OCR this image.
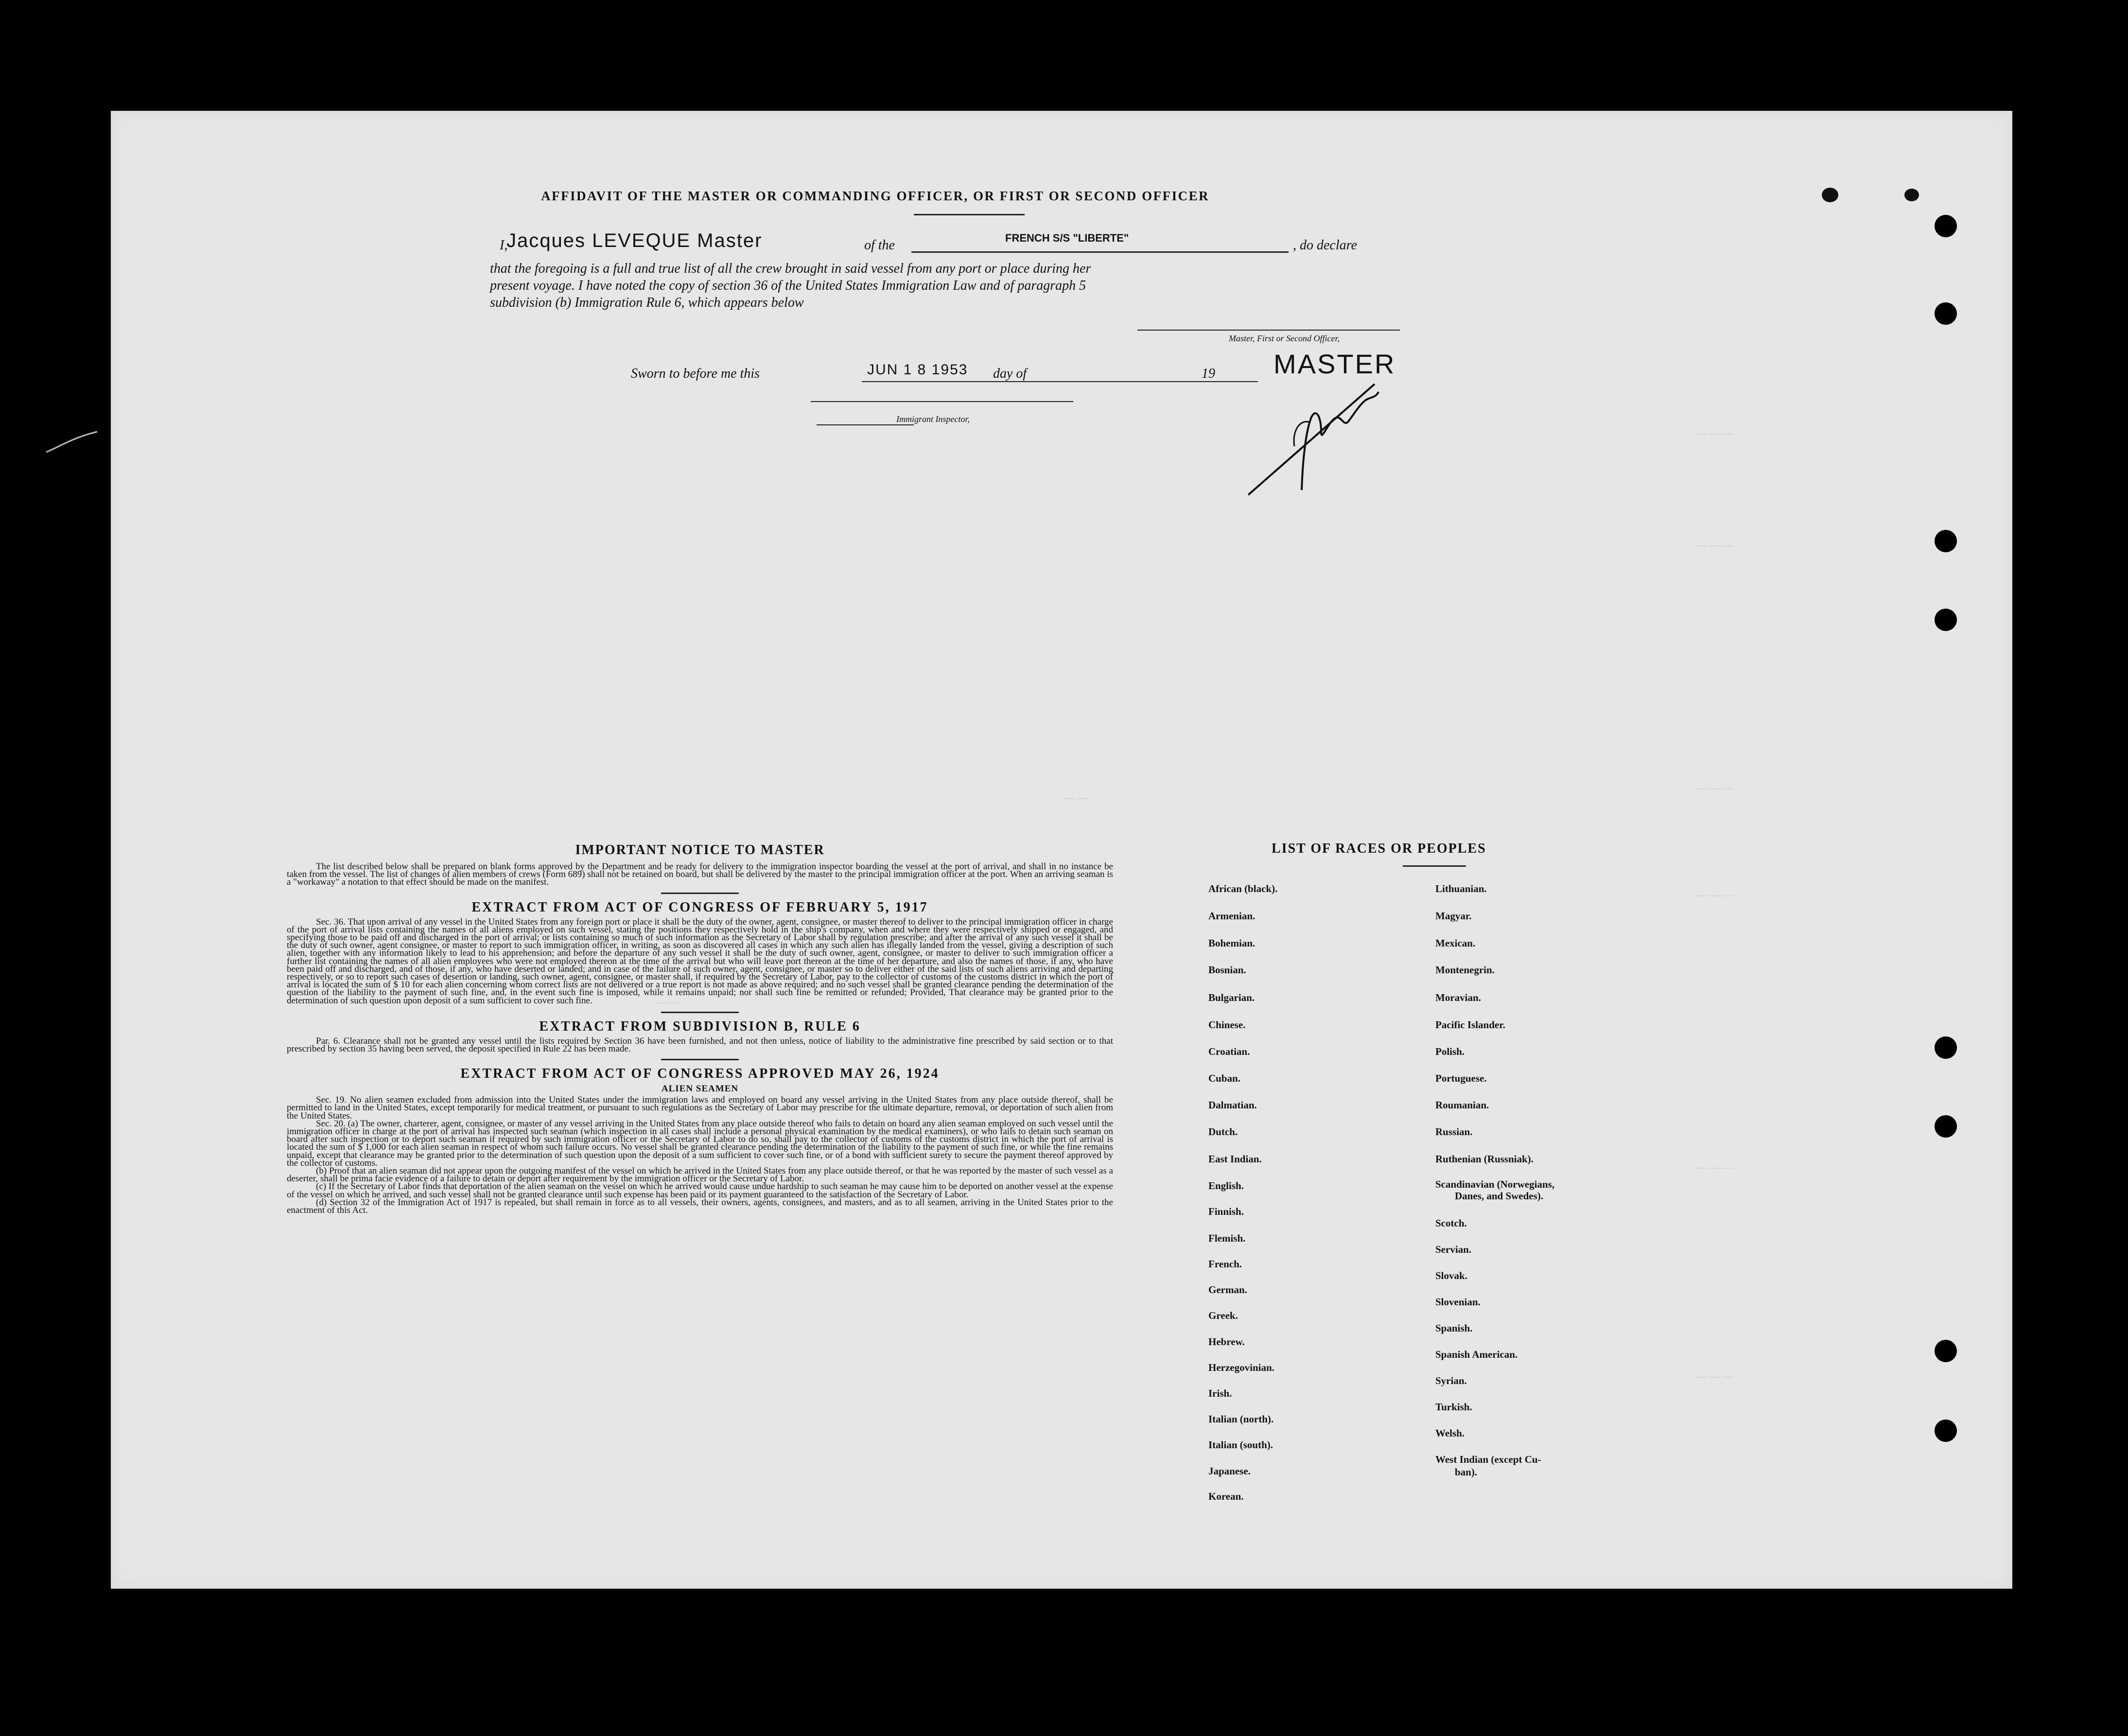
— — —
— — —
— — —
— — —
— — —
— — —
— —
— —
AFFIDAVIT OF THE MASTER OR COMMANDING OFFICER, OR FIRST OR SECOND OFFICER
I,
Jacques LEVEQUE Master	of the	FRENCH S/S "LIBERTE"	, do declare
that the foregoing is a full and true list of all the crew brought in said vessel from any port or place during her
present voyage. I have noted the copy of section 36 of the United States Immigration Law and of paragraph 5
subdivision (b) Immigration Rule 6, which appears below
Master, First or Second Officer,
Sworn to before me this	JUN 1 8 1953 day of	19 MASTER
Immigrant Inspector,
IMPORTANT NOTICE TO MASTER

The list described below shall be prepared on blank forms approved by the Department and be ready for delivery to the immigration inspector boarding the vessel at the port of arrival, and shall in no instance be taken from the vessel. The list of changes of alien members of crews (Form 689) shall not be retained on board, but shall be delivered by the master to the principal immigration officer at the port. When an arriving seaman is a "workaway" a notation to that effect should be made on the manifest.

EXTRACT FROM ACT OF CONGRESS OF FEBRUARY 5, 1917

Sec. 36. That upon arrival of any vessel in the United States from any foreign port or place it shall be the duty of the owner, agent, consignee, or master thereof to deliver to the principal immigration officer in charge of the port of arrival lists containing the names of all aliens employed on such vessel, stating the positions they respectively hold in the ship's company, when and where they were respectively shipped or engaged, and specifying those to be paid off and discharged in the port of arrival; or lists containing so much of such information as the Secretary of Labor shall by regulation prescribe; and after the arrival of any such vessel it shall be the duty of such owner, agent consignee, or master to report to such immigration officer, in writing, as soon as discovered all cases in which any such alien has illegally landed from the vessel, giving a description of such alien, together with any information likely to lead to his apprehension; and before the departure of any such vessel it shall be the duty of such owner, agent, consignee, or master to deliver to such immigration officer a further list containing the names of all alien employees who were not employed thereon at the time of the arrival but who will leave port thereon at the time of her departure, and also the names of those, if any, who have been paid off and discharged, and of those, if any, who have deserted or landed; and in case of the failure of such owner, agent, consignee, or master so to deliver either of the said lists of such aliens arriving and departing respectively, or so to report such cases of desertion or landing, such owner, agent, consignee, or master shall, if required by the Secretary of Labor, pay to the collector of customs of the customs district in which the port of arrival is located the sum of $ 10 for each alien concerning whom correct lists are not delivered or a true report is not made as above required; and no such vessel shall be granted clearance pending the determination of the question of the liability to the payment of such fine, and, in the event such fine is imposed, while it remains unpaid; nor shall such fine be remitted or refunded; Provided, That clearance may be granted prior to the determination of such question upon deposit of a sum sufficient to cover such fine.

EXTRACT FROM SUBDIVISION B, RULE 6

Par. 6. Clearance shall not be granted any vessel until the lists required by Section 36 have been furnished, and not then unless, notice of liability to the administrative fine prescribed by said section or to that prescribed by section 35 having been served, the deposit specified in Rule 22 has been made.

EXTRACT FROM ACT OF CONGRESS APPROVED MAY 26, 1924
ALIEN SEAMEN

Sec. 19. No alien seamen excluded from admission into the United States under the immigration laws and employed on board any vessel arriving in the United States from any place outside thereof, shall be permitted to land in the United States, except temporarily for medical treatment, or pursuant to such regulations as the Secretary of Labor may prescribe for the ultimate departure, removal, or deportation of such alien from the United States.

Sec. 20. (a) The owner, charterer, agent, consignee, or master of any vessel arriving in the United States from any place outside thereof who fails to detain on board any alien seaman employed on such vessel until the immigration officer in charge at the port of arrival has inspected such seaman (which inspection in all cases shall include a personal physical examination by the medical examiners), or who fails to detain such seaman on board after such inspection or to deport such seaman if required by such immigration officer or the Secretary of Labor to do so, shall pay to the collector of customs of the customs district in which the port of arrival is located the sum of $ 1,000 for each alien seaman in respect of whom such failure occurs. No vessel shall be granted clearance pending the determination of the liability to the payment of such fine, or while the fine remains unpaid, except that clearance may be granted prior to the determination of such question upon the deposit of a sum sufficient to cover such fine, or of a bond with sufficient surety to secure the payment thereof approved by the collector of customs.

(b) Proof that an alien seaman did not appear upon the outgoing manifest of the vessel on which he arrived in the United States from any place outside thereof, or that he was reported by the master of such vessel as a deserter, shall be prima facie evidence of a failure to detain or deport after requirement by the immigration officer or the Secretary of Labor.

(c) If the Secretary of Labor finds that deportation of the alien seaman on the vessel on which he arrived would cause undue hardship to such seaman he may cause him to be deported on another vessel at the expense of the vessel on which he arrived, and such vessel shall not be granted clearance until such expense has been paid or its payment guaranteed to the satisfaction of the Secretary of Labor.

(d) Section 32 of the Immigration Act of 1917 is repealed, but shall remain in force as to all vessels, their owners, agents, consignees, and masters, and as to all seamen, arriving in the United States prior to the enactment of this Act.

LIST OF RACES OR PEOPLES
African (black).
Armenian.
Bohemian.
Bosnian.
Bulgarian.
Chinese.
Croatian.
Cuban.
Dalmatian.
Dutch.
East Indian.
English.
Finnish.
Flemish.
French.
German.
Greek.
Hebrew.
Herzegovinian.
Irish.
Italian (north).
Italian (south).
Japanese.
Korean.
Lithuanian.
Magyar.
Mexican.
Montenegrin.
Moravian.
Pacific Islander.
Polish.
Portuguese.
Roumanian.
Russian.
Ruthenian (Russniak).
Scandinavian (Norwegians,
Danes, and Swedes).
Scotch.
Servian.
Slovak.
Slovenian.
Spanish.
Spanish American.
Syrian.
Turkish.
Welsh.
West Indian (except Cu-
ban).
